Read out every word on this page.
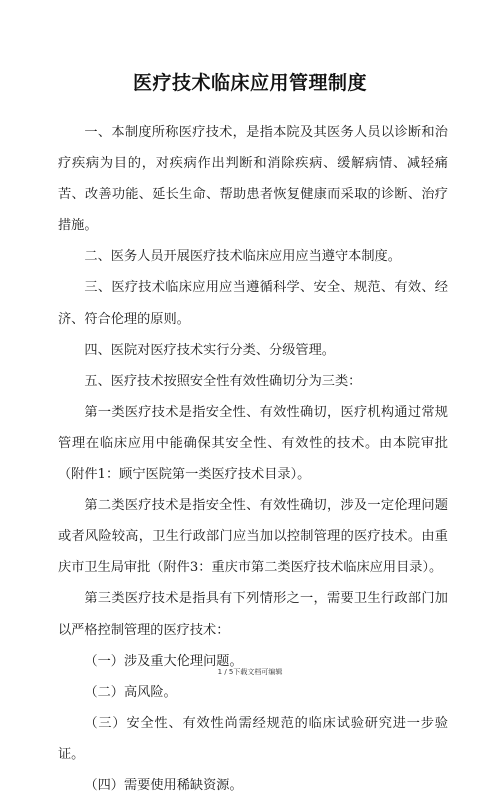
医疗技术临床应用管理制度

一、本制度所称医疗技术，是指本院及其医务人员以诊断和治疗疾病为目的，对疾病作出判断和消除疾病、缓解病情、减轻痛苦、改善功能、延长生命、帮助患者恢复健康而采取的诊断、治疗措施。

二、医务人员开展医疗技术临床应用应当遵守本制度。

三、医疗技术临床应用应当遵循科学、安全、规范、有效、经济、符合伦理的原则。

四、医院对医疗技术实行分类、分级管理。

五、医疗技术按照安全性有效性确切分为三类：

第一类医疗技术是指安全性、有效性确切，医疗机构通过常规管理在临床应用中能确保其安全性、有效性的技术。由本院审批（附件1：顾宁医院第一类医疗技术目录）。

第二类医疗技术是指安全性、有效性确切，涉及一定伦理问题或者风险较高，卫生行政部门应当加以控制管理的医疗技术。由重庆市卫生局审批（附件3：重庆市第二类医疗技术临床应用目录）。

第三类医疗技术是指具有下列情形之一，需要卫生行政部门加以严格控制管理的医疗技术：

（一）涉及重大伦理问题。

（二）高风险。

（三）安全性、有效性尚需经规范的临床试验研究进一步验证。

（四）需要使用稀缺资源。

1 / 5下载文档可编辑
